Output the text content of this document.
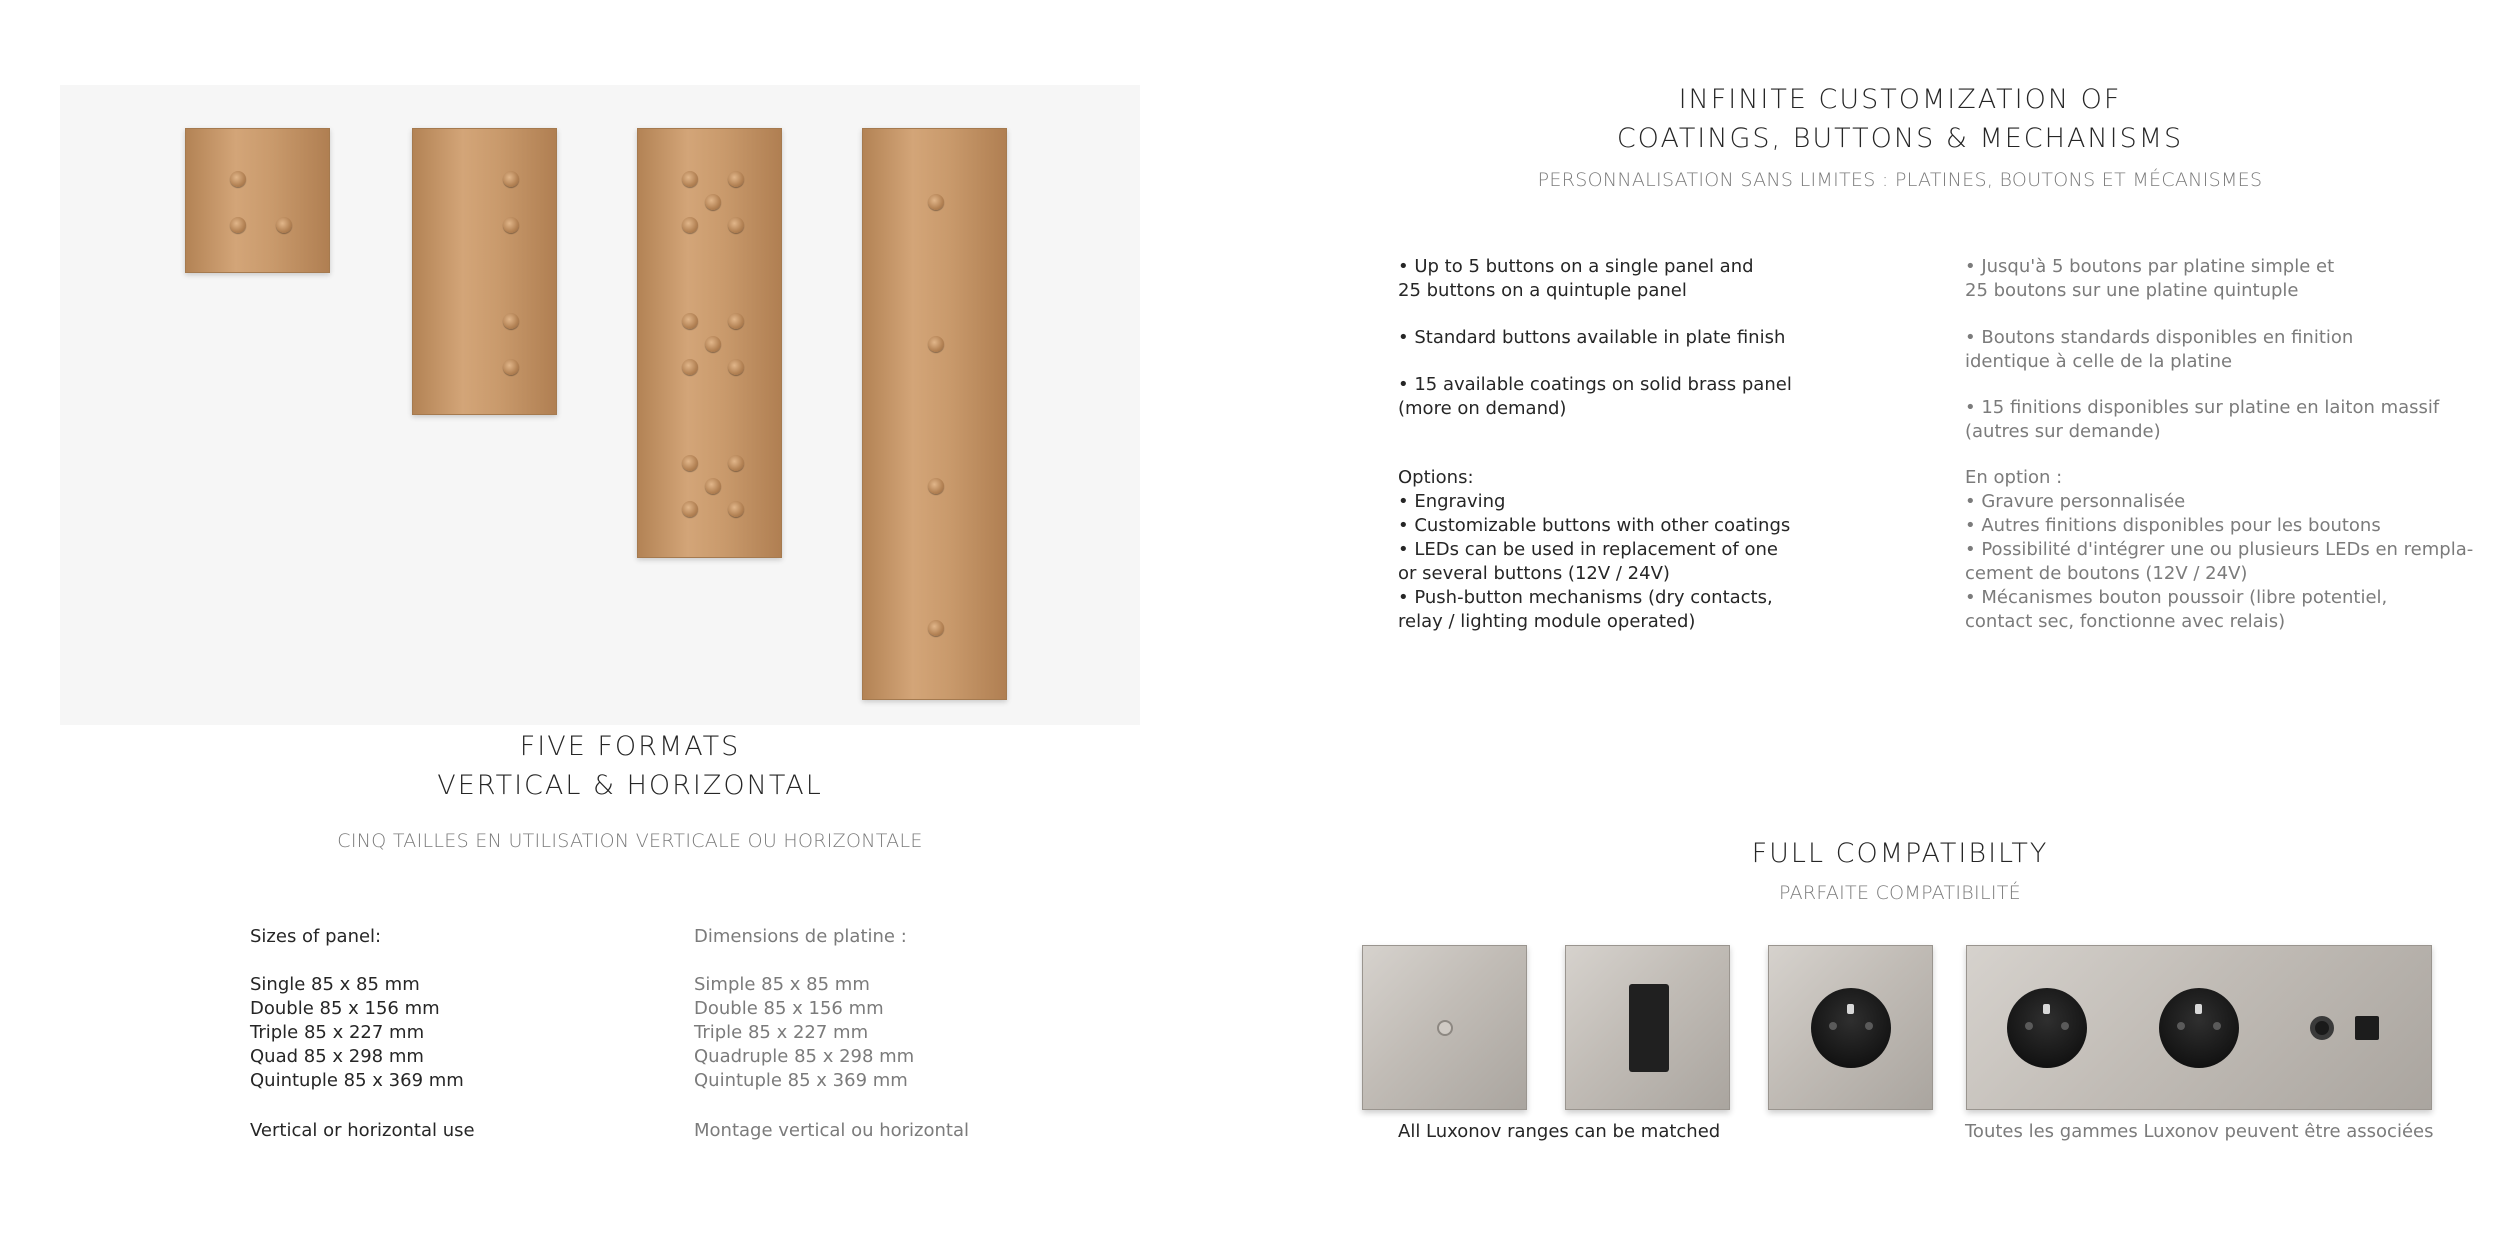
FIVE FORMATS
VERTICAL & HORIZONTAL
CINQ TAILLES EN UTILISATION VERTICALE OU HORIZONTALE
Sizes of panel:
Single 85 x 85 mm
Double 85 x 156 mm
Triple 85 x 227 mm
Quad 85 x 298 mm
Quintuple 85 x 369 mm
Vertical or horizontal use
Dimensions de platine :
Simple 85 x 85 mm
Double 85 x 156 mm
Triple 85 x 227 mm
Quadruple 85 x 298 mm
Quintuple 85 x 369 mm
Montage vertical ou horizontal
INFINITE CUSTOMIZATION OF
COATINGS, BUTTONS & MECHANISMS
PERSONNALISATION SANS LIMITES : PLATINES, BOUTONS ET MÉCANISMES
• Up to 5 buttons on a single panel and
25 buttons on a quintuple panel
• Standard buttons available in plate finish
• 15 available coatings on solid brass panel
(more on demand)
Options:
• Engraving
• Customizable buttons with other coatings
• LEDs can be used in replacement of one
or several buttons (12V / 24V)
• Push-button mechanisms (dry contacts,
relay / lighting module operated)
• Jusqu'à 5 boutons par platine simple et
25 boutons sur une platine quintuple
• Boutons standards disponibles en finition
identique à celle de la platine
• 15 finitions disponibles sur platine en laiton massif
(autres sur demande)
En option :
• Gravure personnalisée
• Autres finitions disponibles pour les boutons
• Possibilité d'intégrer une ou plusieurs LEDs en rempla-
cement de boutons (12V / 24V)
• Mécanismes bouton poussoir (libre potentiel,
contact sec, fonctionne avec relais)
FULL COMPATIBILTY
PARFAITE COMPATIBILITÉ
All Luxonov ranges can be matched	Toutes les gammes Luxonov peuvent être associées
